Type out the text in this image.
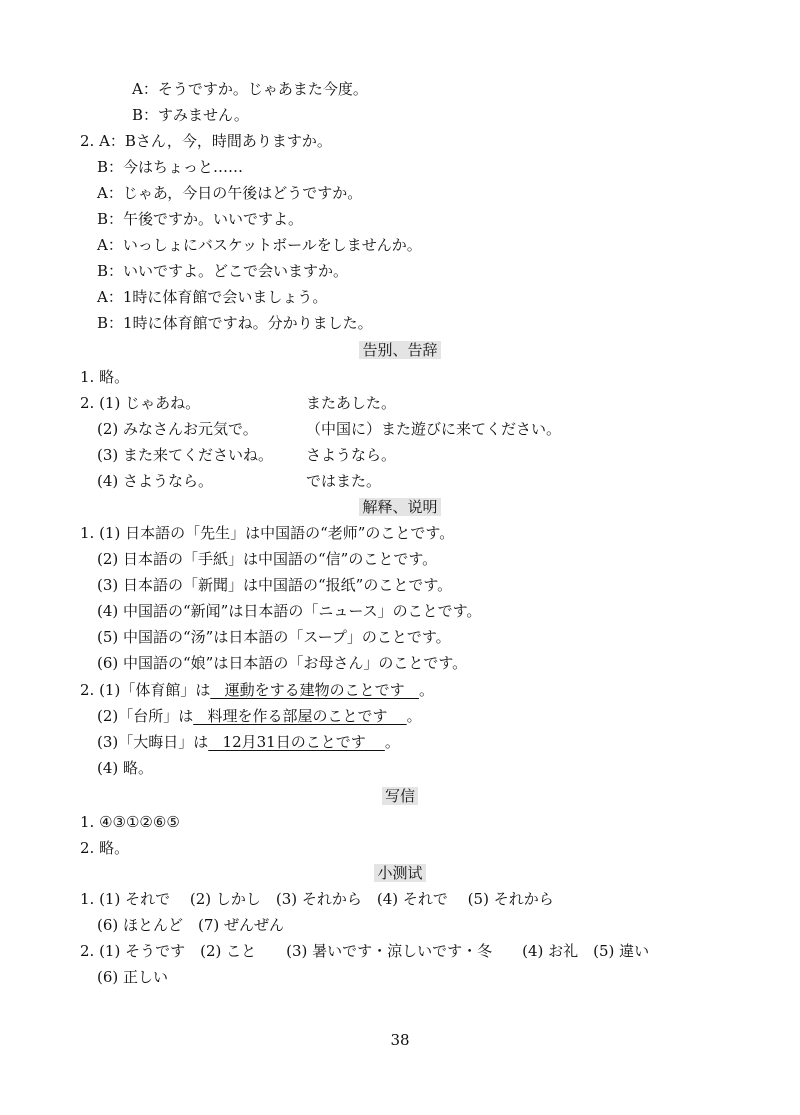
A：そうですか。じゃあまた今度。
B：すみません。
2. A：Bさん，今，時間ありますか。
B：今はちょっと……
A：じゃあ，今日の午後はどうですか。
B：午後ですか。いいですよ。
A：いっしょにバスケットボールをしませんか。
B：いいですよ。どこで会いますか。
A：1時に体育館で会いましょう。
B：1時に体育館ですね。分かりました。
告别、告辞
1. 略。
2. (1) じゃあね。	またあした。
(2) みなさんお元気で。	（中国に）また遊びに来てください。
(3) また来てくださいね。 さようなら。
(4) さようなら。	ではまた。
解释、说明
1. (1) 日本語の「先生」は中国語の“老师”のことです。
(2) 日本語の「手紙」は中国語の“信”のことです。
(3) 日本語の「新聞」は中国語の“报纸”のことです。
(4) 中国語の“新闻”は日本語の「ニュース」のことです。
(5) 中国語の“汤”は日本語の「スープ」のことです。
(6) 中国語の“娘”は日本語の「お母さん」のことです。
2. (1)「体育館」は   運動をする建物のことです   。
(2)「台所」は   料理を作る部屋のことです    。
(3)「大晦日」は   12月31日のことです    。
(4) 略。
写信
1. ④③①②⑥⑤
2. 略。
小测试
1. (1) それで　 (2) しかし　(3) それから　(4) それで　 (5) それから
(6) ほとんど　(7) ぜんぜん
2. (1) そうです　(2) こと　　(3) 暑いです・涼しいです・冬　　(4) お礼　(5) 違い
(6) 正しい
38
